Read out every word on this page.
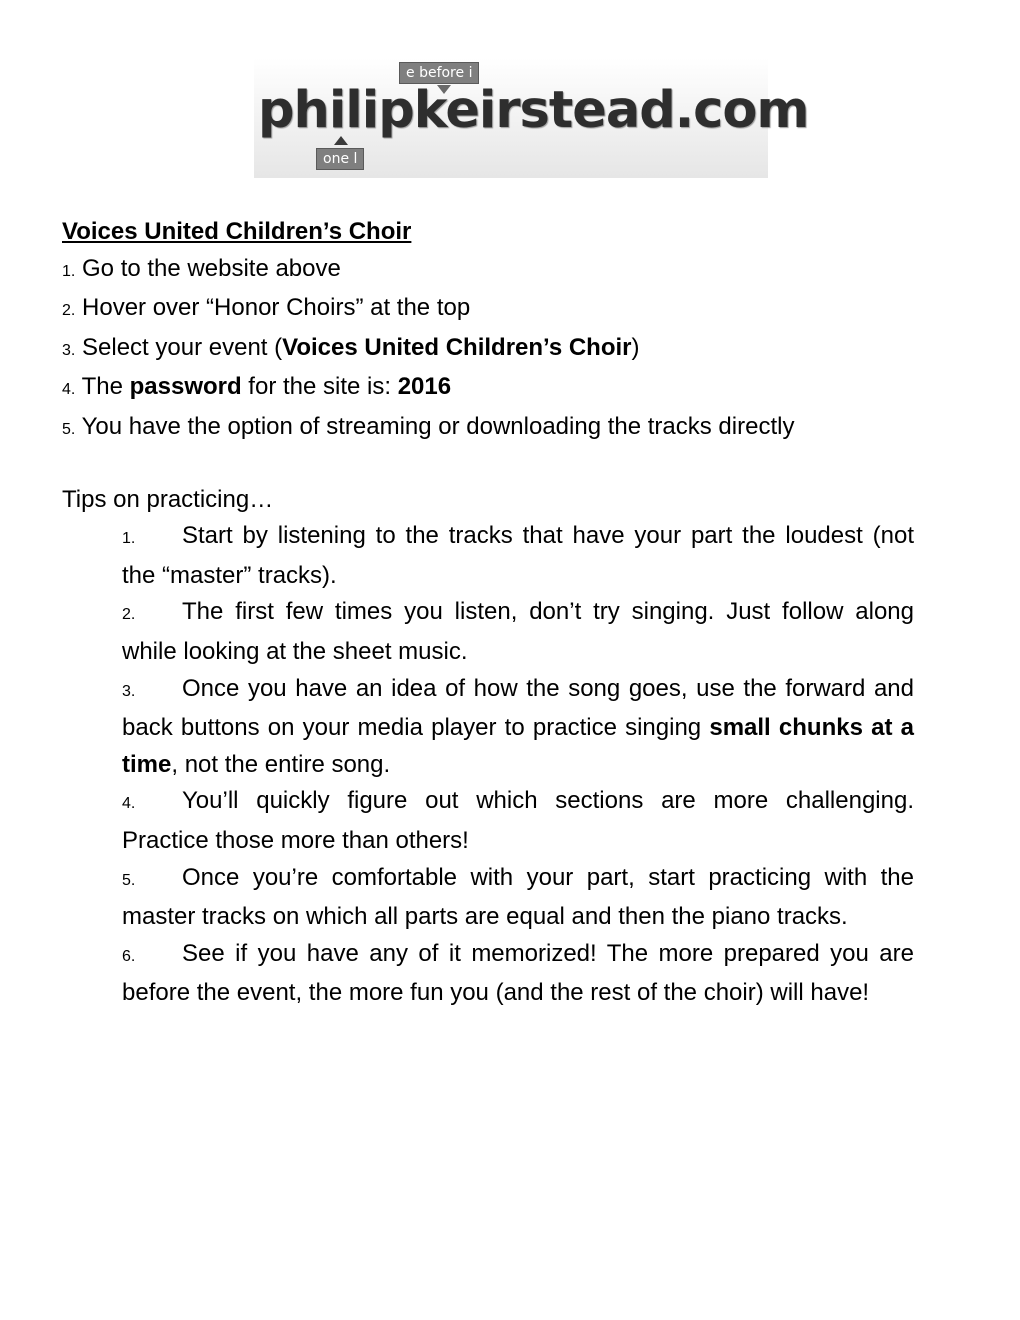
e before i
philipkeirstead.com
one l
Voices United Children’s Choir
1. Go to the website above
2. Hover over “Honor Choirs” at the top
3. Select your event (Voices United Children’s Choir)
4. The password for the site is: 2016
5. You have the option of streaming or downloading the tracks directly
Tips on practicing…
1. Start by listening to the tracks that have your part the loudest (not the “master” tracks).
2. The first few times you listen, don’t try singing. Just follow along while looking at the sheet music.
3. Once you have an idea of how the song goes, use the forward and back buttons on your media player to practice singing small chunks at a time, not the entire song.
4. You’ll quickly figure out which sections are more challenging. Practice those more than others!
5. Once you’re comfortable with your part, start practicing with the master tracks on which all parts are equal and then the piano tracks.
6. See if you have any of it memorized! The more prepared you are before the event, the more fun you (and the rest of the choir) will have!
